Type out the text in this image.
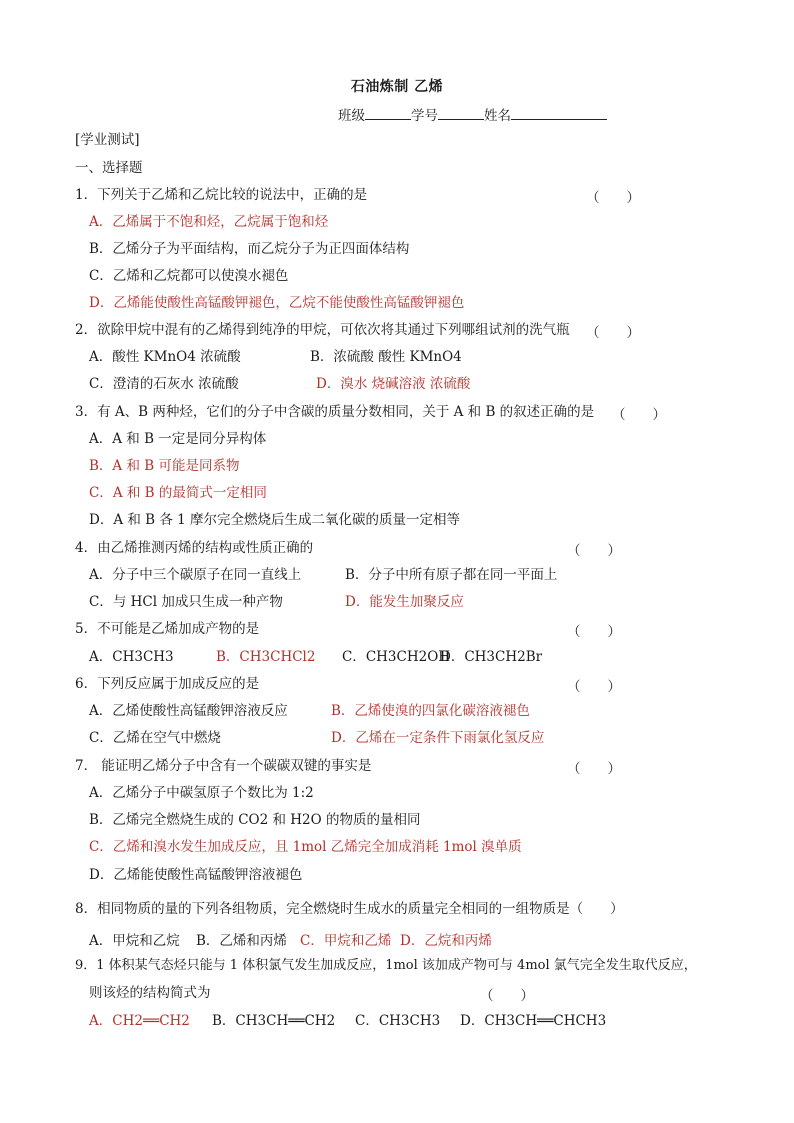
石油炼制 乙烯
班级	学号	姓名
[学业测试]
一、选择题
1．下列关于乙烯和乙烷比较的说法中，正确的是	（　　）
A．乙烯属于不饱和烃，乙烷属于饱和烃
B．乙烯分子为平面结构，而乙烷分子为正四面体结构
C．乙烯和乙烷都可以使溴水褪色
D．乙烯能使酸性高锰酸钾褪色，乙烷不能使酸性高锰酸钾褪色
2．欲除甲烷中混有的乙烯得到纯净的甲烷，可依次将其通过下列哪组试剂的洗气瓶 （　　）
A．酸性 KMnO4 浓硫酸	B．浓硫酸 酸性 KMnO4
C．澄清的石灰水 浓硫酸	D．溴水 烧碱溶液 浓硫酸
3．有 A、B 两种烃，它们的分子中含碳的质量分数相同，关于 A 和 B 的叙述正确的是 （　　）
A．A 和 B 一定是同分异构体
B．A 和 B 可能是同系物
C．A 和 B 的最简式一定相同
D．A 和 B 各 1 摩尔完全燃烧后生成二氧化碳的质量一定相等
4．由乙烯推测丙烯的结构或性质正确的	（　　）
A．分子中三个碳原子在同一直线上	B．分子中所有原子都在同一平面上
C．与 HCl 加成只生成一种产物	D．能发生加聚反应
5．不可能是乙烯加成产物的是	（　　）
A．CH3CH3	B．CH3CHCl2 C．CH3CH2OH
D．CH3CH2Br
6．下列反应属于加成反应的是	（　　）
A．乙烯使酸性高锰酸钾溶液反应	B．乙烯使溴的四氯化碳溶液褪色
C．乙烯在空气中燃烧	D．乙烯在一定条件下雨氯化氢反应
7． 能证明乙烯分子中含有一个碳碳双键的事实是	（　　）
A．乙烯分子中碳氢原子个数比为 1:2
B．乙烯完全燃烧生成的 CO2 和 H2O 的物质的量相同
C．乙烯和溴水发生加成反应，且 1mol 乙烯完全加成消耗 1mol 溴单质
D．乙烯能使酸性高锰酸钾溶液褪色
8．相同物质的量的下列各组物质，完全燃烧时生成水的质量完全相同的一组物质是（　　）
A．甲烷和乙烷 B．乙烯和丙烯 C．甲烷和乙烯 D．乙烷和丙烯
9．1 体积某气态烃只能与 1 体积氯气发生加成反应，1mol 该加成产物可与 4mol 氯气完全发生取代反应，
则该烃的结构简式为	（　　）
A．CH2══CH2 B．CH3CH══CH2 C．CH3CH3 D．CH3CH══CHCH3
